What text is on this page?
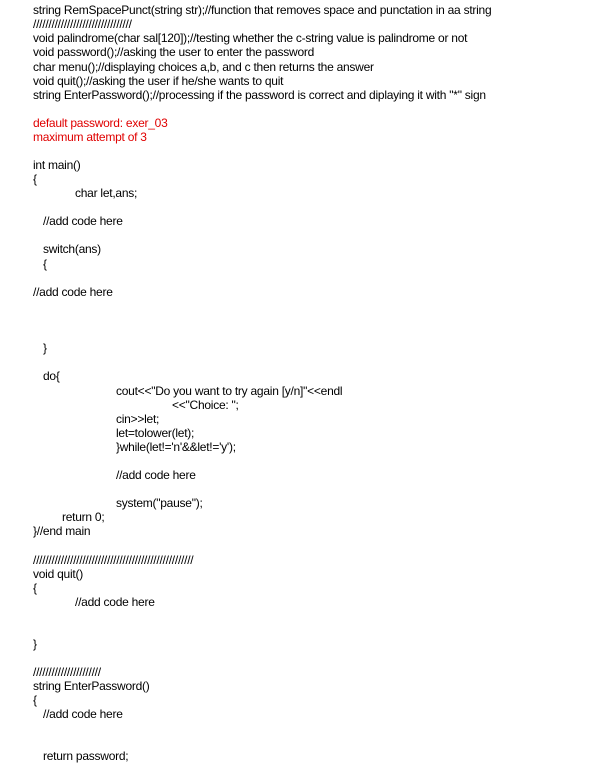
string RemSpacePunct(string str);//function that removes space and punctation in aa string
////////////////////////////////
void palindrome(char sal[120]);//testing whether the c-string value is palindrome or not
void password();//asking the user to enter the password
char menu();//displaying choices a,b, and c then returns the answer
void quit();//asking the user if he/she wants to quit
string EnterPassword();//processing if the password is correct and diplaying it with "*" sign
default password: exer_03
maximum attempt of 3
int main()
{
char let,ans;
//add code here
switch(ans)
{
//add code here
}
do{
cout<<"Do you want to try again [y/n]"<<endl
<<"Choice: ";
cin>>let;
let=tolower(let);
}while(let!='n'&&let!='y');
//add code here
system("pause");
return 0;
}//end main
////////////////////////////////////////////////////
void quit()
{
//add code here
}
//////////////////////
string EnterPassword()
{
//add code here
return password;
